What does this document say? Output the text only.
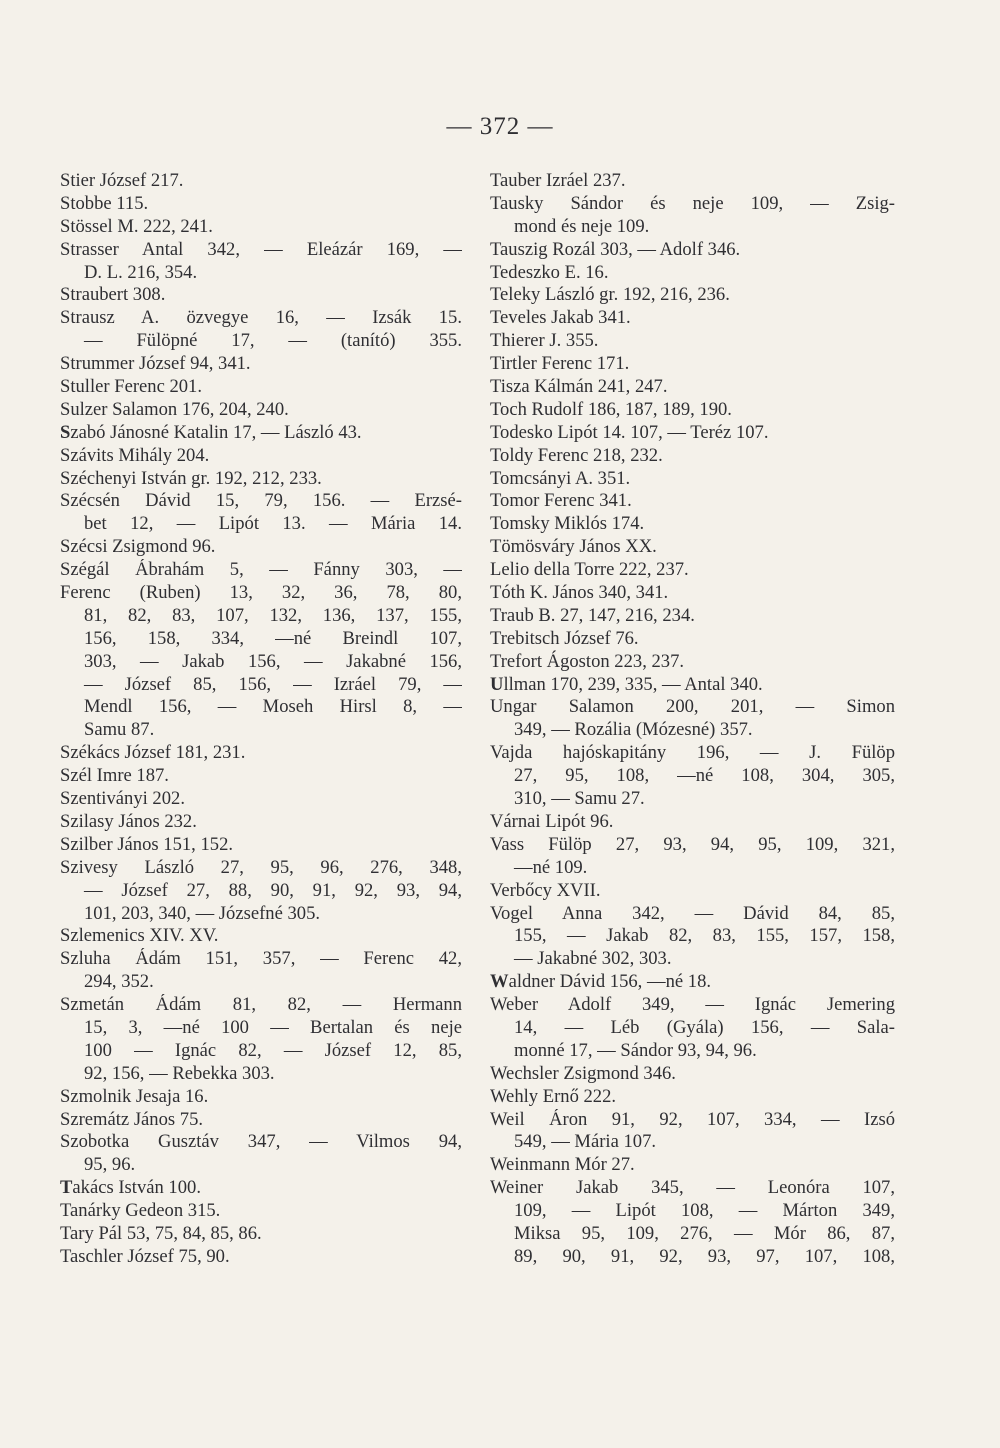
— 372 —
Stier József 217.
Stobbe 115.
Stössel M. 222, 241.
Strasser Antal 342, — Eleázár 169, —
D. L. 216, 354.
Straubert 308.
Strausz A. özvegye 16, — Izsák 15.
— Fülöpné 17, — (tanító) 355.
Strummer József 94, 341.
Stuller Ferenc 201.
Sulzer Salamon 176, 204, 240.
Szabó Jánosné Katalin 17, — László 43.
Szávits Mihály 204.
Széchenyi István gr. 192, 212, 233.
Szécsén Dávid 15, 79, 156. — Erzsé-
bet 12, — Lipót 13. — Mária 14.
Szécsi Zsigmond 96.
Szégál Ábrahám 5, — Fánny 303, —
Ferenc (Ruben) 13, 32, 36, 78, 80,
81, 82, 83, 107, 132, 136, 137, 155,
156, 158, 334, —né Breindl 107,
303, — Jakab 156, — Jakabné 156,
— József 85, 156, — Izráel 79, —
Mendl 156, — Moseh Hirsl 8, —
Samu 87.
Székács József 181, 231.
Szél Imre 187.
Szentiványi 202.
Szilasy János 232.
Szilber János 151, 152.
Szivesy László 27, 95, 96, 276, 348,
— József 27, 88, 90, 91, 92, 93, 94,
101, 203, 340, — Józsefné 305.
Szlemenics XIV. XV.
Szluha Ádám 151, 357, — Ferenc 42,
294, 352.
Szmetán Ádám 81, 82, — Hermann
15, 3, —né 100 — Bertalan és neje
100 — Ignác 82, — József 12, 85,
92, 156, — Rebekka 303.
Szmolnik Jesaja 16.
Szremátz János 75.
Szobotka Gusztáv 347, — Vilmos 94,
95, 96.
Takács István 100.
Tanárky Gedeon 315.
Tary Pál 53, 75, 84, 85, 86.
Taschler József 75, 90.
Tauber Izráel 237.
Tausky Sándor és neje 109, — Zsig-
mond és neje 109.
Tauszig Rozál 303, — Adolf 346.
Tedeszko E. 16.
Teleky László gr. 192, 216, 236.
Teveles Jakab 341.
Thierer J. 355.
Tirtler Ferenc 171.
Tisza Kálmán 241, 247.
Toch Rudolf 186, 187, 189, 190.
Todesko Lipót 14. 107, — Teréz 107.
Toldy Ferenc 218, 232.
Tomcsányi A. 351.
Tomor Ferenc 341.
Tomsky Miklós 174.
Tömösváry János XX.
Lelio della Torre 222, 237.
Tóth K. János 340, 341.
Traub B. 27, 147, 216, 234.
Trebitsch József 76.
Trefort Ágoston 223, 237.
Ullman 170, 239, 335, — Antal 340.
Ungar Salamon 200, 201, — Simon
349, — Rozália (Mózesné) 357.
Vajda hajóskapitány 196, — J. Fülöp
27, 95, 108, —né 108, 304, 305,
310, — Samu 27.
Várnai Lipót 96.
Vass Fülöp 27, 93, 94, 95, 109, 321,
—né 109.
Verbőcy XVII.
Vogel Anna 342, — Dávid 84, 85,
155, — Jakab 82, 83, 155, 157, 158,
— Jakabné 302, 303.
Waldner Dávid 156, —né 18.
Weber Adolf 349, — Ignác Jemering
14, — Léb (Gyála) 156, — Sala-
monné 17, — Sándor 93, 94, 96.
Wechsler Zsigmond 346.
Wehly Ernő 222.
Weil Áron 91, 92, 107, 334, — Izsó
549, — Mária 107.
Weinmann Mór 27.
Weiner Jakab 345, — Leonóra 107,
109, — Lipót 108, — Márton 349,
Miksa 95, 109, 276, — Mór 86, 87,
89, 90, 91, 92, 93, 97, 107, 108,
